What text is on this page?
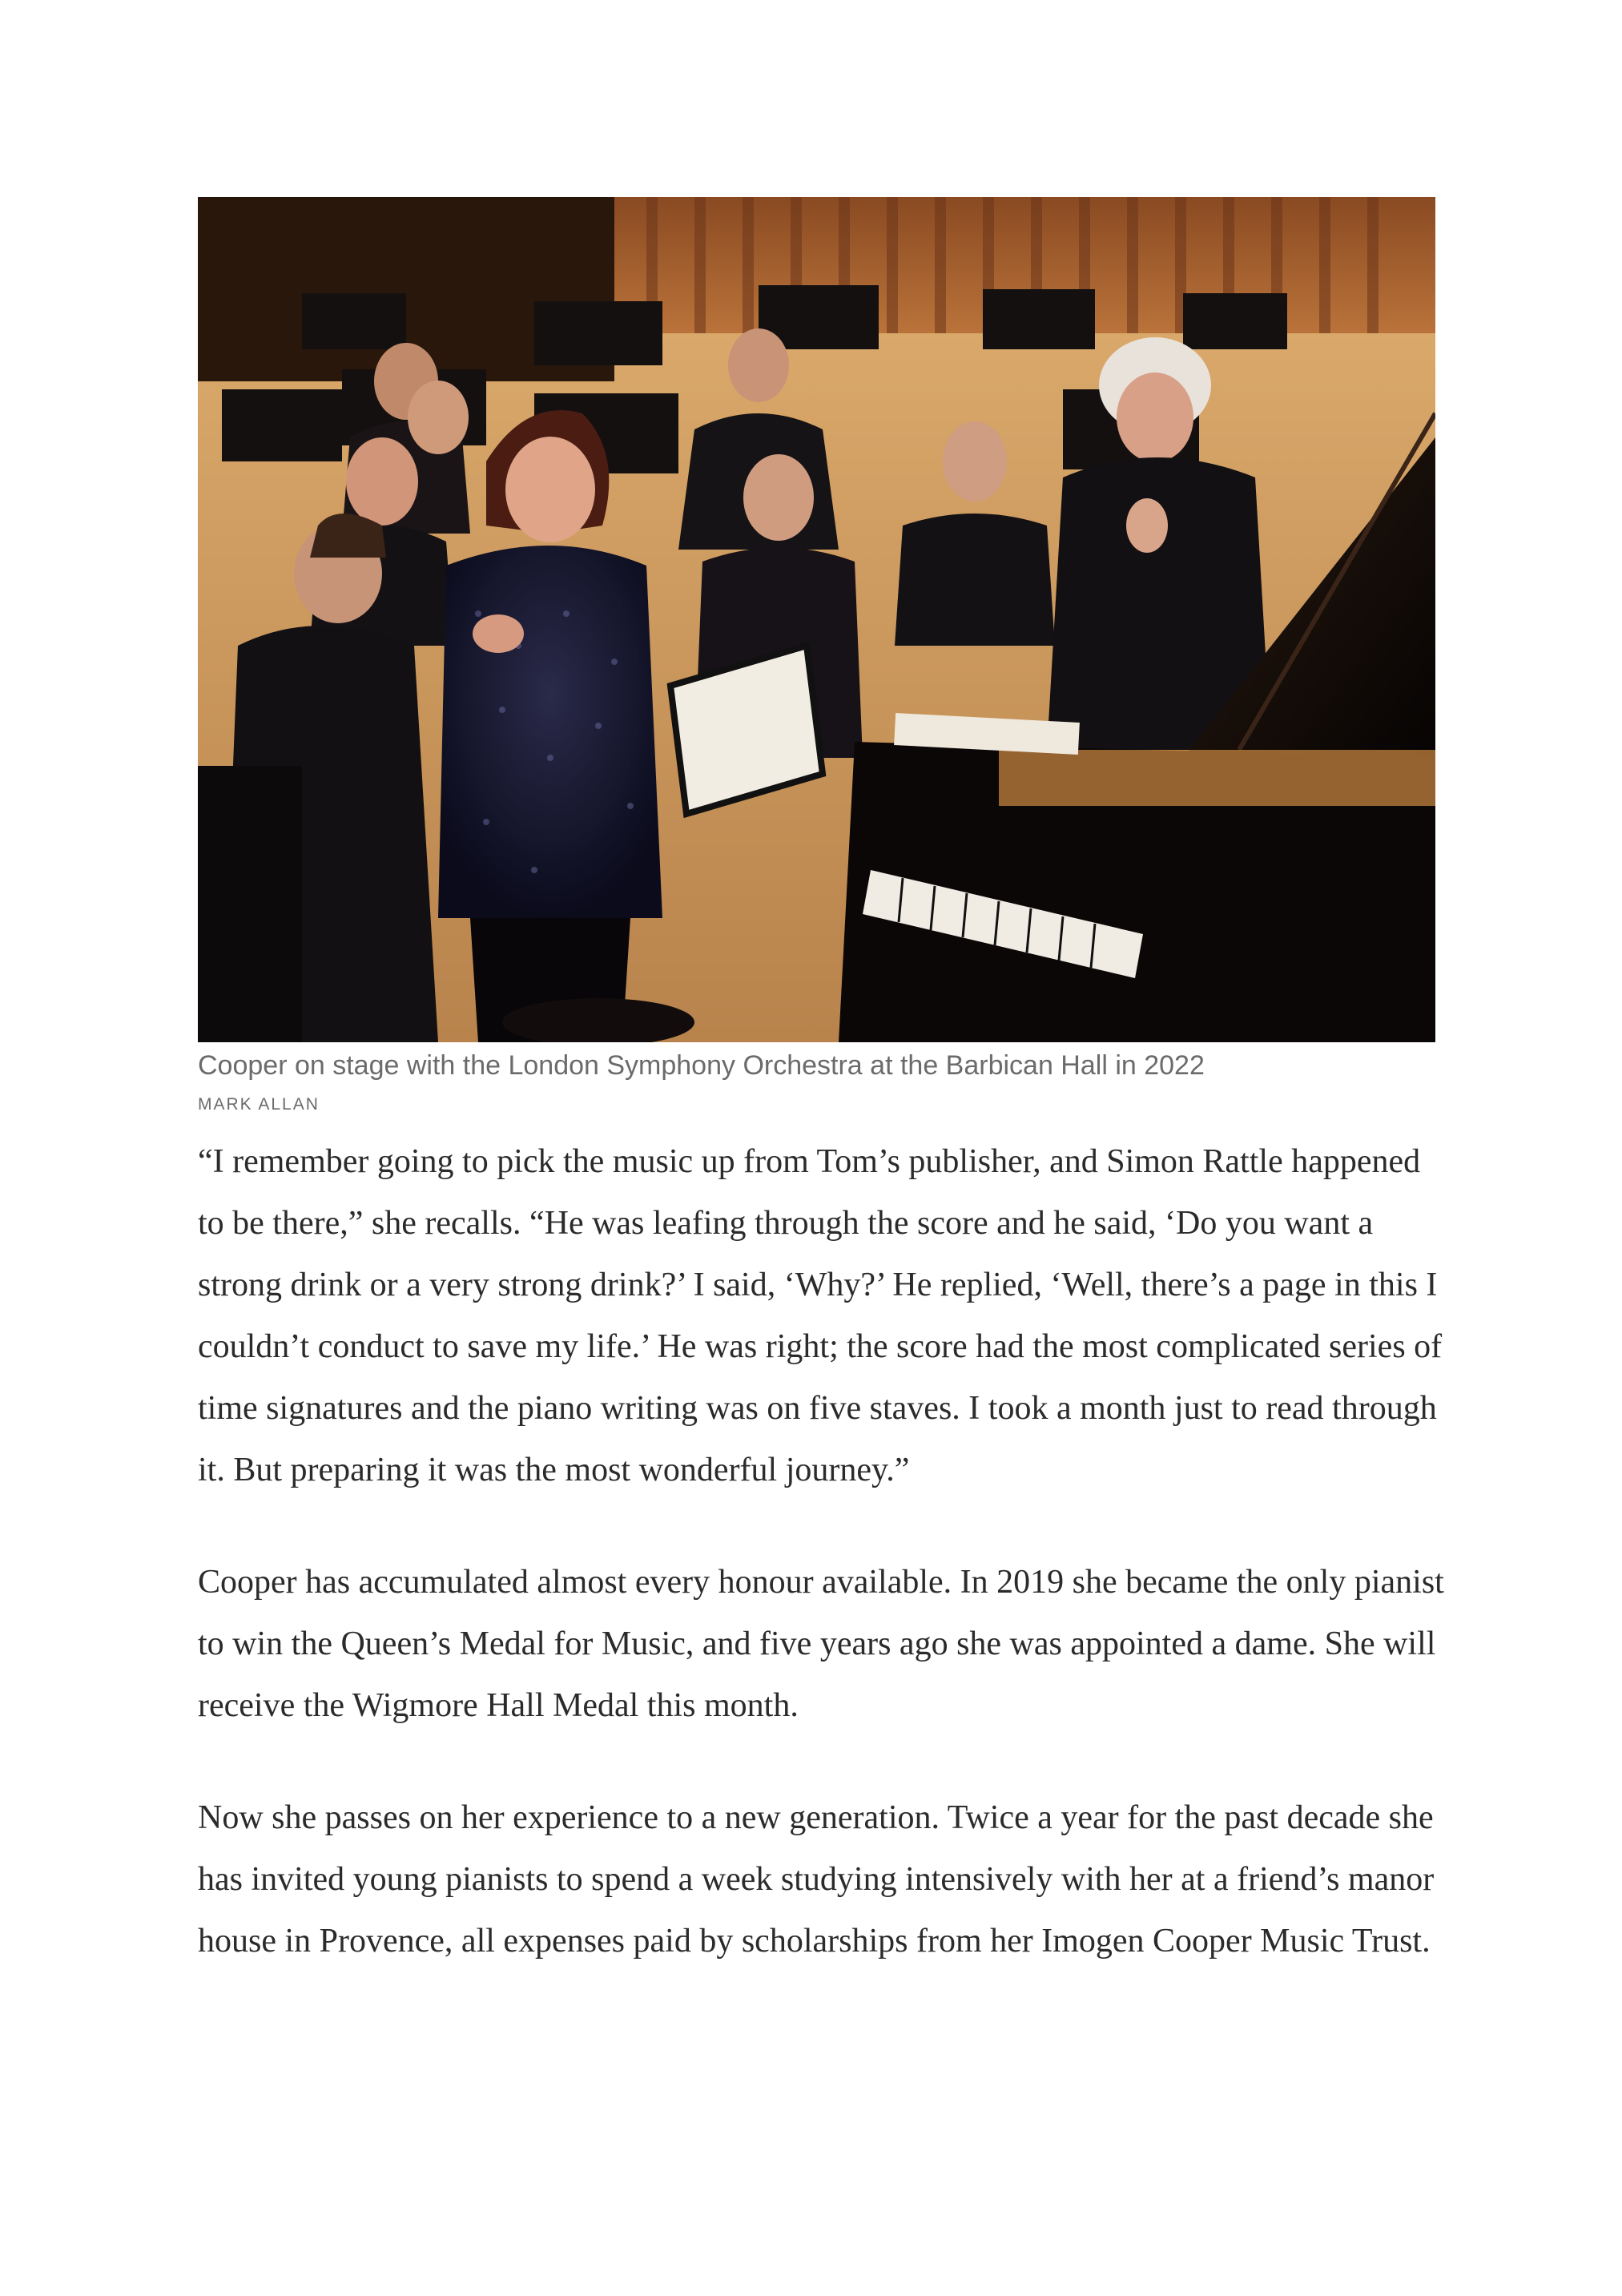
Cooper on stage with the London Symphony Orchestra at the Barbican Hall in 2022
MARK ALLAN

“I remember going to pick the music up from Tom’s publisher, and Simon Rattle happened to be there,” she recalls. “He was leafing through the score and he said, ‘Do you want a strong drink or a very strong drink?’ I said, ‘Why?’ He replied, ‘Well, there’s a page in this I couldn’t conduct to save my life.’ He was right; the score had the most complicated series of time signatures and the piano writing was on five staves. I took a month just to read through it. But preparing it was the most wonderful journey.”

Cooper has accumulated almost every honour available. In 2019 she became the only pianist to win the Queen’s Medal for Music, and five years ago she was appointed a dame. She will receive the Wigmore Hall Medal this month.

Now she passes on her experience to a new generation. Twice a year for the past decade she has invited young pianists to spend a week studying intensively with her at a friend’s manor house in Provence, all expenses paid by scholarships from her Imogen Cooper Music Trust.
